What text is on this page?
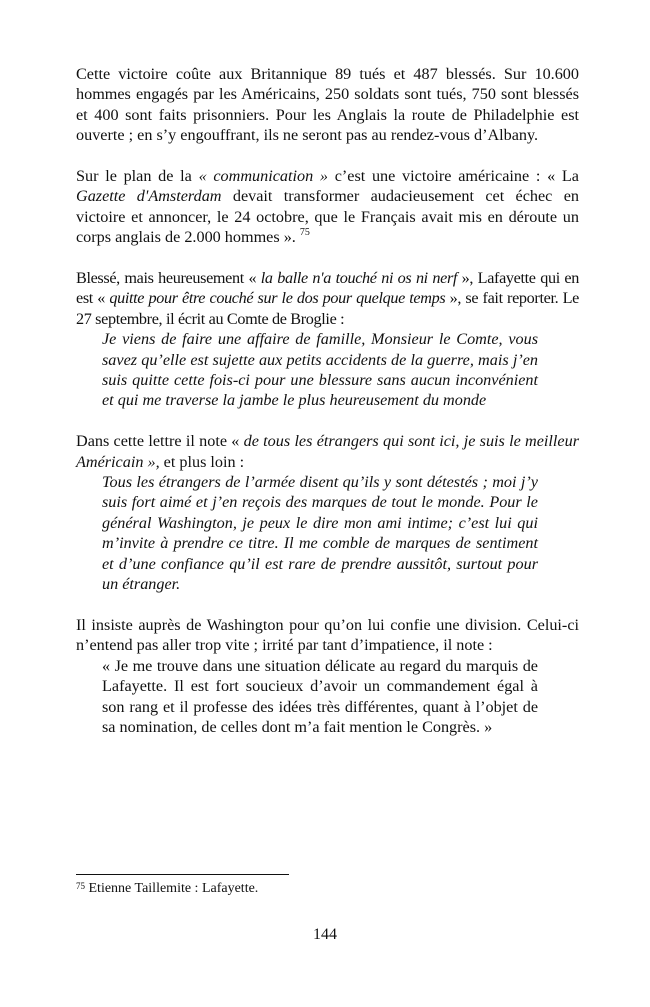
Cette victoire coûte aux Britannique 89 tués et 487 blessés. Sur 10.600 hommes engagés par les Américains, 250 soldats sont tués, 750 sont blessés et 400 sont faits prisonniers. Pour les Anglais la route de Philadelphie est ouverte ; en s’y engouffrant, ils ne seront pas au rendez-vous d’Albany.

Sur le plan de la « communication » c’est une victoire américaine : « La Gazette d'Amsterdam devait transformer audacieusement cet échec en victoire et annoncer, le 24 octobre, que le Français avait mis en déroute un corps anglais de 2.000 hommes ». $^{75}$

Blessé, mais heureusement « la balle n'a touché ni os ni nerf », Lafayette qui en est « quitte pour être couché sur le dos pour quelque temps », se fait reporter. Le 27 septembre, il écrit au Comte de Broglie :

Je viens de faire une affaire de famille, Monsieur le Comte, vous savez qu’elle est sujette aux petits accidents de la guerre, mais j’en suis quitte cette fois-ci pour une blessure sans aucun inconvénient et qui me traverse la jambe le plus heureusement du monde

Dans cette lettre il note « de tous les étrangers qui sont ici, je suis le meilleur Américain », et plus loin :

Tous les étrangers de l’armée disent qu’ils y sont détestés ; moi j’y suis fort aimé et j’en reçois des marques de tout le monde. Pour le général Washington, je peux le dire mon ami intime; c’est lui qui m’invite à prendre ce titre. Il me comble de marques de sentiment et d’une confiance qu’il est rare de prendre aussitôt, surtout pour un étranger.

Il insiste auprès de Washington pour qu’on lui confie une division. Celui-ci n’entend pas aller trop vite ; irrité par tant d’impatience, il note :

« Je me trouve dans une situation délicate au regard du marquis de Lafayette. Il est fort soucieux d’avoir un commandement égal à son rang et il professe des idées très différentes, quant à l’objet de sa nomination, de celles dont m’a fait mention le Congrès. »

$^{75}$ Etienne Taillemite : Lafayette.
144
